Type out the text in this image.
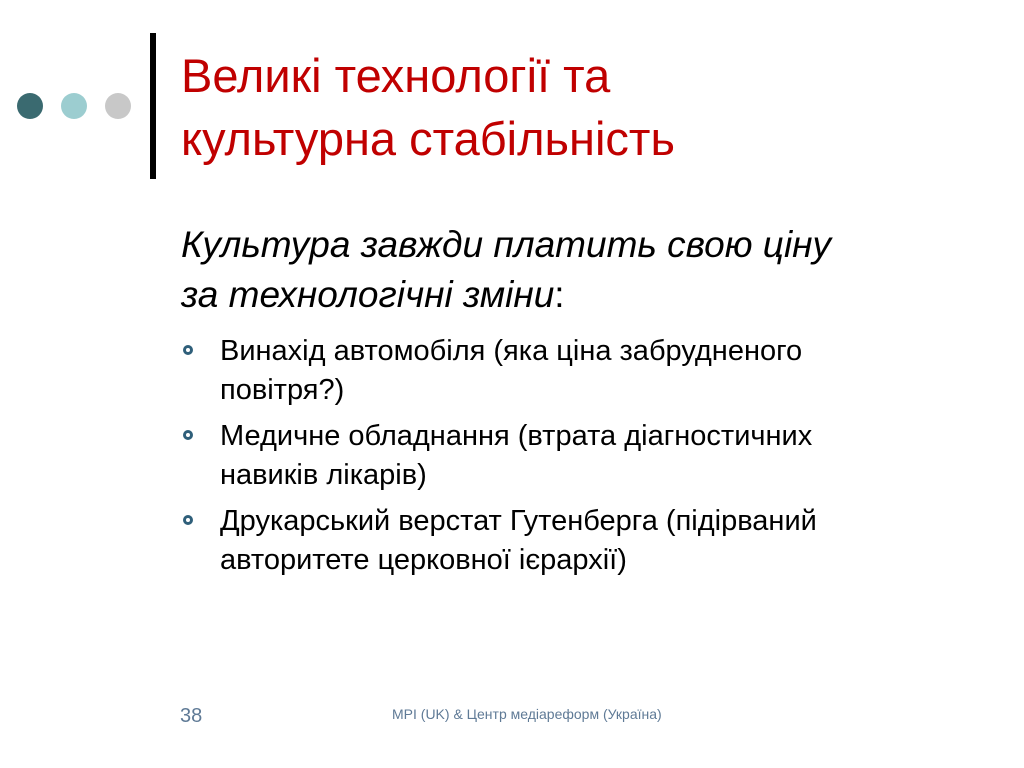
Великі технології та
культурна стабільність

Культура завжди платить свою ціну
за технологічні зміни:

Винахід автомобіля (яка ціна забрудненого
повітря?)
Медичне обладнання (втрата діагностичних
навиків лікарів)
Друкарський верстат Гутенберга (підірваний
авторитете церковної ієрархії)
38	MPI (UK) & Центр медіареформ (Україна)
